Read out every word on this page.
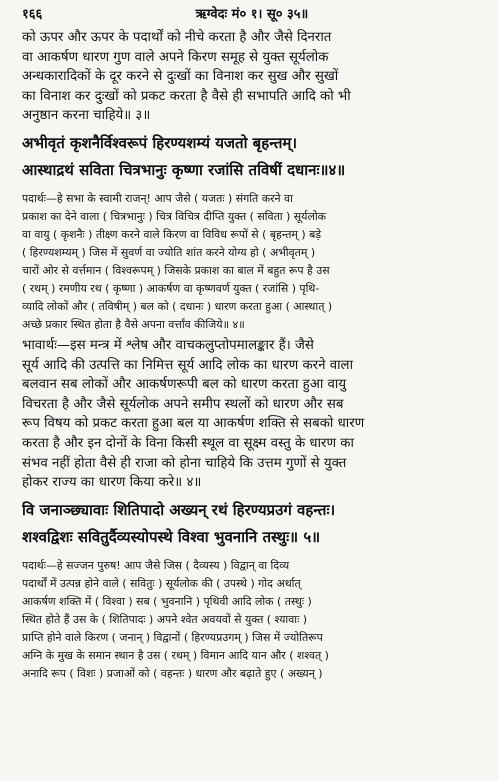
१६६	ऋग्वेदः मं० १। सू० ३५॥

को ऊपर और ऊपर के पदार्थों को नीचे करता है और जैसे दिनरात

वा आकर्षण धारण गुण वाले अपने किरण समूह से युक्त सूर्यलोक

अन्धकारादिकों के दूर करने से दुःखों का विनाश कर सुख और सुखों

का विनाश कर दुःखों को प्रकट करता है वैसे ही सभापति आदि को भी

अनुष्ठान करना चाहिये॥ ३॥

अभीवृतं कृशनैर्विश्वरूपं हिरण्यशम्यं यजतो बृहन्तम्।

आस्थाद्रथं सविता चित्रभानुः कृष्णा रजांसि तविषीं दधानः॥४॥

पदार्थः—हे सभा के स्वामी राजन्! आप जैसे ( यजतः ) संगति करने वा

प्रकाश का देने वाला ( चित्रभानुः ) चित्र विचित्र दीप्ति युक्त ( सविता ) सूर्यलोक

वा वायु ( कृशनैः ) तीक्ष्ण करने वाले किरण वा विविध रूपों से ( बृहन्तम् ) बड़े

( हिरण्यशम्यम् ) जिस में सुवर्ण वा ज्योति शांत करने योग्य हो ( अभीवृतम् )

चारों ओर से वर्त्तमान ( विश्वरूपम् ) जिसके प्रकाश का बाल में बहुत रूप है उस

( रथम् ) रमणीय रथ ( कृष्णा ) आकर्षण वा कृष्णवर्ण युक्त ( रजांसि ) पृथि-

व्यादि लोकों और ( तविषीम् ) बल को ( दधानः ) धारण करता हुआ ( आस्थात् )

अच्छे प्रकार स्थित होता है वैसे अपना वर्त्तांव कीजिये॥ ४॥

भावार्थः—इस मन्त्र में श्लेष और वाचकलुप्तोपमालङ्कार हैं। जैसे

सूर्य आदि की उत्पत्ति का निमित्त सूर्य आदि लोक का धारण करने वाला

बलवान सब लोकों और आकर्षणरूपी बल को धारण करता हुआ वायु

विचरता है और जैसे सूर्यलोक अपने समीप स्थलों को धारण और सब

रूप विषय को प्रकट करता हुआ बल या आकर्षण शक्ति से सबको धारण

करता है और इन दोनों के विना किसी स्थूल वा सूक्ष्म वस्तु के धारण का

संभव नहीं होता वैसे ही राजा को होना चाहिये कि उत्तम गुणों से युक्त

होकर राज्य का धारण किया करे॥ ४॥

वि जनाञ्छ्यावाः शितिपादो अख्यन् रथं हिरण्यप्रउगं वहन्तः।

शश्वद्विशः सवितुर्दैव्यस्योपस्थे विश्वा भुवनानि तस्थुः॥ ५॥

पदार्थः—हे सज्जन पुरुष! आप जैसे जिस ( दैव्यस्य ) विद्वान् वा दिव्य

पदार्थों में उत्पन्न होने वाले ( सवितुः ) सूर्यलोक की ( उपस्थे ) गोद अर्थात्

आकर्षण शक्ति में ( विश्वा ) सब ( भुवनानि ) पृथिवी आदि लोक ( तस्थुः )

स्थित होते हैं उस के ( शितिपादः ) अपने श्वेत अवयवों से युक्त ( श्यावाः )

प्राप्ति होने वाले किरण ( जनान् ) विद्वानों ( हिरण्यप्रउगम् ) जिस में ज्योतिरूप

अग्नि के मुख के समान स्थान है उस ( रथम् ) विमान आदि यान और ( शश्वत् )

अनादि रूप ( विशः ) प्रजाओं को ( वहन्तः ) धारण और बढ़ाते हुए ( अख्यन् )
